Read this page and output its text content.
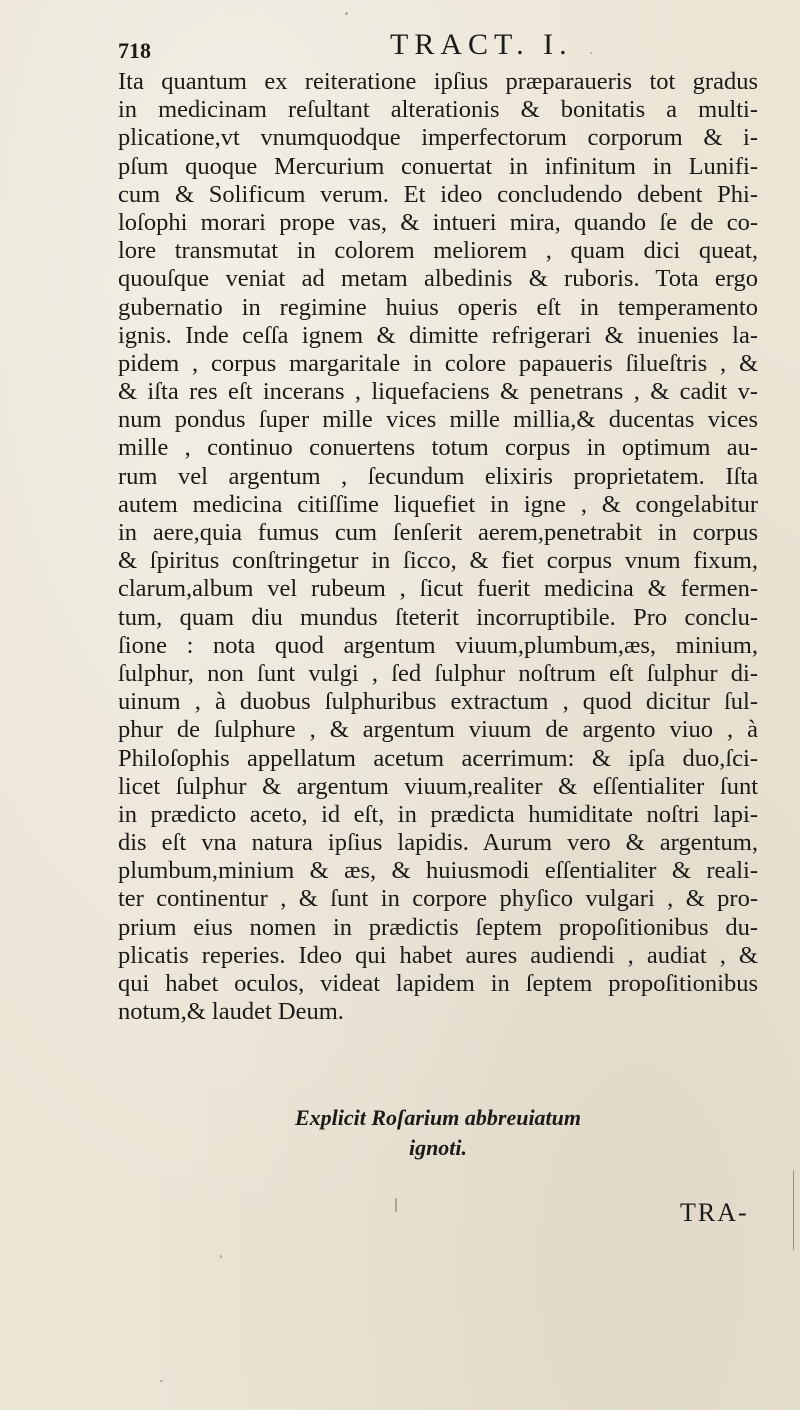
718	TRACT. I.
Ita quantum ex reiteratione ipſius præparaueris tot gradus
in medicinam reſultant alterationis & bonitatis a multi-
plicatione,vt vnumquodque imperfectorum corporum & i-
pſum quoque Mercurium conuertat in infinitum in Lunifi-
cum & Solificum verum. Et ideo concludendo debent Phi-
loſophi morari prope vas, & intueri mira, quando ſe de co-
lore transmutat in colorem meliorem , quam dici queat,
quouſque veniat ad metam albedinis & ruboris. Tota ergo
gubernatio in regimine huius operis eſt in temperamento
ignis. Inde ceſſa ignem & dimitte refrigerari & inuenies la-
pidem , corpus margaritale in colore papaueris ſilueſtris , &
& iſta res eſt incerans , liquefaciens & penetrans , & cadit v-
num pondus ſuper mille vices mille millia,& ducentas vices
mille , continuo conuertens totum corpus in optimum au-
rum vel argentum , ſecundum elixiris proprietatem. Iſta
autem medicina citiſſime liquefiet in igne , & congelabitur
in aere,quia fumus cum ſenſerit aerem,penetrabit in corpus
& ſpiritus conſtringetur in ſicco, & fiet corpus vnum fixum,
clarum,album vel rubeum , ſicut fuerit medicina & fermen-
tum, quam diu mundus ſteterit incorruptibile. Pro conclu-
ſione : nota quod argentum viuum,plumbum,æs, minium,
ſulphur, non ſunt vulgi , ſed ſulphur noſtrum eſt ſulphur di-
uinum , à duobus ſulphuribus extractum , quod dicitur ſul-
phur de ſulphure , & argentum viuum de argento viuo , à
Philoſophis appellatum acetum acerrimum: & ipſa duo,ſci-
licet ſulphur & argentum viuum,realiter & eſſentialiter ſunt
in prædicto aceto, id eſt, in prædicta humiditate noſtri lapi-
dis eſt vna natura ipſius lapidis. Aurum vero & argentum,
plumbum,minium & æs, & huiusmodi eſſentialiter & reali-
ter continentur , & ſunt in corpore phyſico vulgari , & pro-
prium eius nomen in prædictis ſeptem propoſitionibus du-
plicatis reperies. Ideo qui habet aures audiendi , audiat , &
qui habet oculos, videat lapidem in ſeptem propoſitionibus
notum,& laudet Deum.
Explicit Roſarium abbreuiatum
ignoti.
TRA-
